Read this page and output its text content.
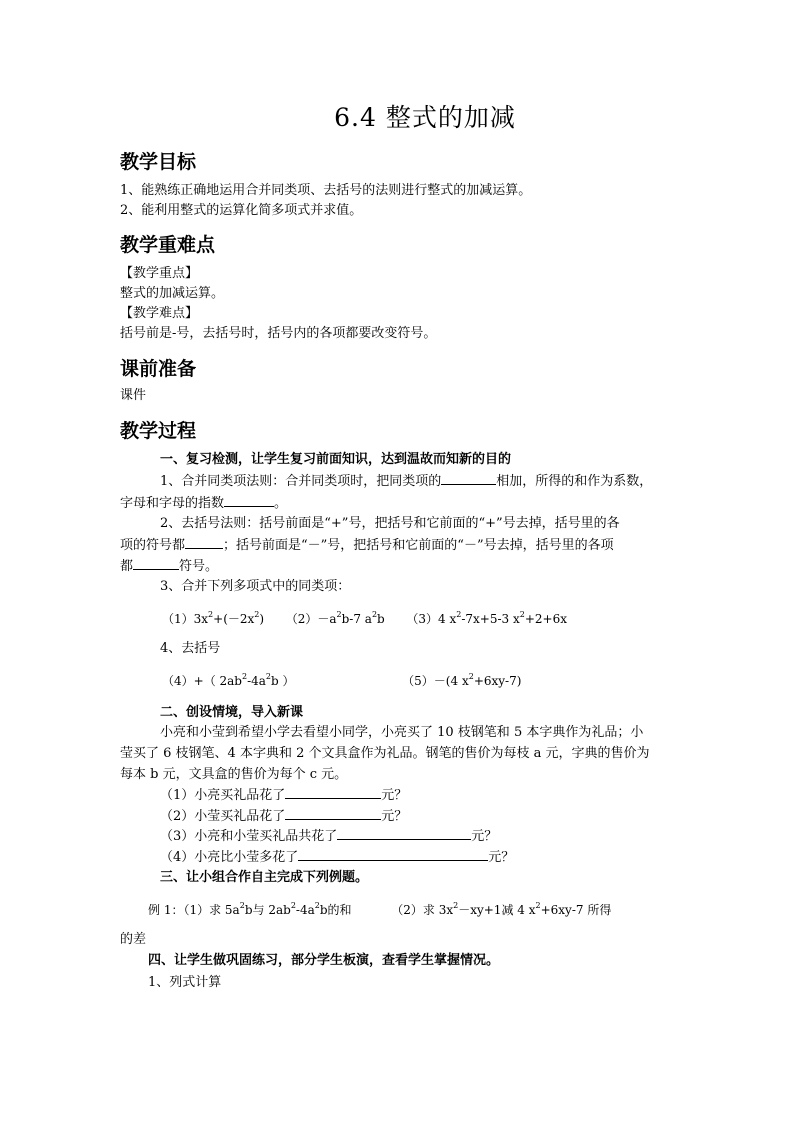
6.4 整式的加减
教学目标
1、能熟练正确地运用合并同类项、去括号的法则进行整式的加减运算。
2、能利用整式的运算化简多项式并求值。
教学重难点
【教学重点】
整式的加减运算。
【教学难点】
括号前是-号，去括号时，括号内的各项都要改变符号。
课前准备
课件
教学过程
一、复习检测，让学生复习前面知识，达到温故而知新的目的
1、合并同类项法则：合并同类项时，把同类项的	相加，所得的和作为系数，
字母和字母的指数	。
2、去括号法则：括号前面是“+”号，把括号和它前面的“+”号去掉，括号里的各
项的符号都	；括号前面是“－”号，把括号和它前面的“－”号去掉，括号里的各项
都	符号。
3、合并下列多项式中的同类项：
$(1)3x^2+(-2x^2)$ $(2)-a^2b-7$ $a^2b$ （3）4 $x^2-7x+5-3$ $x^2+2+6x$
4、去括号
（4）+（ $2ab^2-4a^2b$ ）	（5）－(4 $x^2+6xy-7$)
二、创设情境，导入新课
小亮和小莹到希望小学去看望小同学，小亮买了 10 枝钢笔和 5 本字典作为礼品；小
莹买了 6 枝钢笔、4 本字典和 2 个文具盒作为礼品。钢笔的售价为每枝 a 元，字典的售价为
每本 b 元，文具盒的售价为每个 c 元。
（1）小亮买礼品花了	元？
（2）小莹买礼品花了	元？
（3）小亮和小莹买礼品共花了	元？
（4）小亮比小莹多花了	元？
三、让小组合作自主完成下列例题。
例 1：（1）求 $5a^2b$与 $2ab^2-4a^2b$的和	（2）求 $3x^2-xy+1$减 4 $x^2+6xy-7$ 所得
的差
四、让学生做巩固练习，部分学生板演，查看学生掌握情况。
1、列式计算
